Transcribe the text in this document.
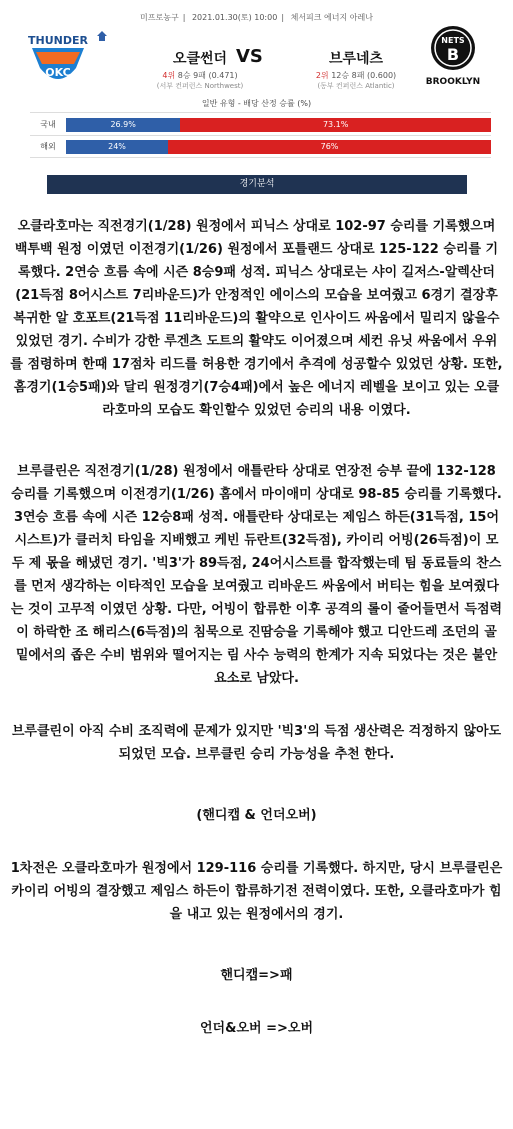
미프로농구 | 2021.01.30(토) 10:00 | 체서피크 에너지 아레나
THUNDER
OKC
오클썬더 VS	브루네츠
4위 8승 9패 (0.471)	2위 12승 8패 (0.600)
(서부 컨퍼런스 Northwest)	(동부 컨퍼런스 Atlantic)
NETS
B
BROOKLYN
일반 유형 - 배당 산정 승률 (%)
국내	26.9%	73.1%
해외	24%	76%
경기분석

오클라호마는 직전경기(1/28) 원정에서 피닉스 상대로 102-97 승리를 기록했으며 백투백 원정 이였던 이전경기(1/26) 원정에서 포틀랜드 상대로 125-122 승리를 기록했다. 2연승 흐름 속에 시즌 8승9패 성적. 피닉스 상대로는 샤이 길저스-알렉산더(21득점 8어시스트 7리바운드)가 안정적인 에이스의 모습을 보여줬고 6경기 결장후 복귀한 알 호포트(21득점 11리바운드)의 활약으로 인사이드 싸움에서 밀리지 않을수 있었던 경기. 수비가 강한 루겐츠 도트의 활약도 이어졌으며 세컨 유닛 싸움에서 우위를 점령하며 한때 17점차 리드를 허용한 경기에서 추격에 성공할수 있었던 상황. 또한, 홈경기(1승5패)와 달리 원정경기(7승4패)에서 높은 에너지 레벨을 보이고 있는 오클라호마의 모습도 확인할수 있었던 승리의 내용 이였다.

브루클린은 직전경기(1/28) 원정에서 애틀란타 상대로 연장전 승부 끝에 132-128 승리를 기록했으며 이전경기(1/26) 홈에서 마이애미 상대로 98-85 승리를 기록했다. 3연승 흐름 속에 시즌 12승8패 성적. 애틀란타 상대로는 제임스 하든(31득점, 15어시스트)가 클러치 타임을 지배했고 케빈 듀란트(32득점), 카이리 어빙(26득점)이 모두 제 몫을 해냈던 경기. '빅3'가 89득점, 24어시스트를 합작했는데 팀 동료들의 찬스를 먼저 생각하는 이타적인 모습을 보여줬고 리바운드 싸움에서 버티는 힘을 보여줬다는 것이 고무적 이였던 상황. 다만, 어빙이 합류한 이후 공격의 롤이 줄어들면서 득점력이 하락한 조 해리스(6득점)의 침묵으로 진땀승을 기록해야 했고 디안드레 조던의 골밑에서의 좁은 수비 범위와 떨어지는 림 사수 능력의 한계가 지속 되었다는 것은 불안요소로 남았다.

브루클린이 아직 수비 조직력에 문제가 있지만 '빅3'의 득점 생산력은 걱정하지 않아도 되었던 모습. 브루클린 승리 가능성을 추천 한다.

(핸디캡 & 언더오버)

1차전은 오클라호마가 원정에서 129-116 승리를 기록했다. 하지만, 당시 브루클린은 카이리 어빙의 결장했고 제임스 하든이 합류하기전 전력이였다. 또한, 오클라호마가 힘을 내고 있는 원정에서의 경기.

핸디캡=>패

언더&오버 =>오버
